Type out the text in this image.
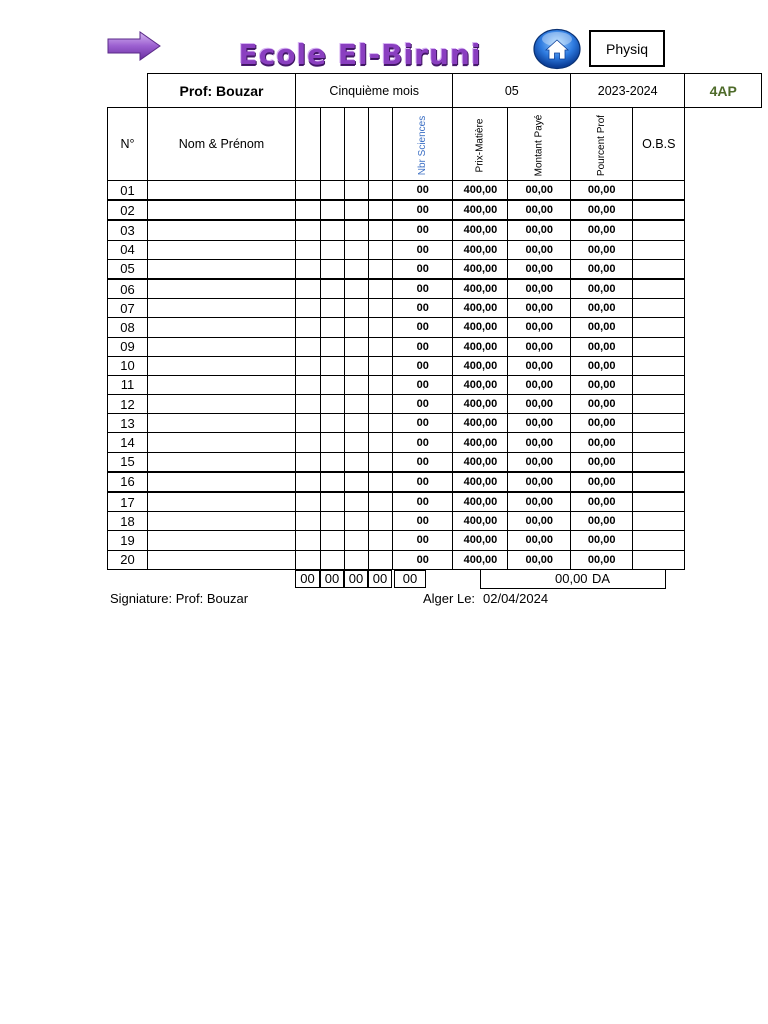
Ecole El-Biruni	Physiq
	Prof: Bouzar	Cinquième mois					05		2023-2024		4AP
N°	Nom & Prénom					Nbr Sciences	Prix-Matière	Montant Payé	Pourcent Prof	O.B.S	
01						00	400,00	00,00	00,00		
02						00	400,00	00,00	00,00		
03						00	400,00	00,00	00,00		
04						00	400,00	00,00	00,00		
05						00	400,00	00,00	00,00		
06						00	400,00	00,00	00,00		
07						00	400,00	00,00	00,00		
08						00	400,00	00,00	00,00		
09						00	400,00	00,00	00,00		
10						00	400,00	00,00	00,00		
11						00	400,00	00,00	00,00		
12						00	400,00	00,00	00,00		
13						00	400,00	00,00	00,00		
14						00	400,00	00,00	00,00		
15						00	400,00	00,00	00,00		
16						00	400,00	00,00	00,00		
17						00	400,00	00,00	00,00		
18						00	400,00	00,00	00,00		
19						00	400,00	00,00	00,00		
20						00	400,00	00,00	00,00		
00 00 00 00	00	00,00 DA
Signiature: Prof: Bouzar	Alger Le: 02/04/2024
